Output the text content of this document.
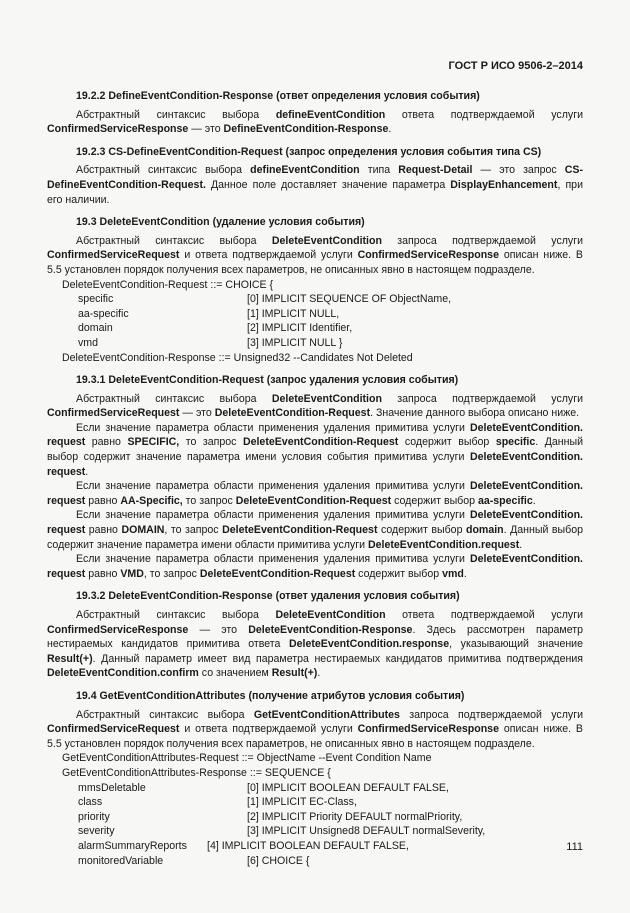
ГОСТ Р ИСО 9506-2–2014

19.2.2 DefineEventCondition-Response (ответ определения условия события)

Абстрактный синтаксис выбора defineEventCondition ответа подтверждаемой услуги ConfirmedServiceResponse — это DefineEventCondition-Response.

19.2.3 CS-DefineEventCondition-Request (запрос определения условия события типа CS)

Абстрактный синтаксис выбора defineEventCondition типа Request-Detail — это запрос CS-DefineEventCondition-Request. Данное поле доставляет значение параметра DisplayEnhancement, при его наличии.

19.3 DeleteEventCondition (удаление условия события)

Абстрактный синтаксис выбора DeleteEventCondition запроса подтверждаемой услуги ConfirmedServiceRequest и ответа подтверждаемой услуги ConfirmedServiceResponse описан ниже. В 5.5 установлен порядок получения всех параметров, не описанных явно в настоящем подразделе.

DeleteEventCondition-Request ::= CHOICE {

specific	[0] IMPLICIT SEQUENCE OF ObjectName,
aa-specific	[1] IMPLICIT NULL,
domain	[2] IMPLICIT Identifier,
vmd	[3] IMPLICIT NULL }

DeleteEventCondition-Response ::= Unsigned32 --Candidates Not Deleted

19.3.1 DeleteEventCondition-Request (запрос удаления условия события)

Абстрактный синтаксис выбора DeleteEventCondition запроса подтверждаемой услуги ConfirmedServiceRequest — это DeleteEventCondition-Request. Значение данного выбора описано ниже.

Если значение параметра области применения удаления примитива услуги DeleteEventCondition. request равно SPECIFIC, то запрос DeleteEventCondition-Request содержит выбор specific. Данный выбор содержит значение параметра имени условия события примитива услуги DeleteEventCondition. request.

Если значение параметра области применения удаления примитива услуги DeleteEventCondition. request равно AA-Specific, то запрос DeleteEventCondition-Request содержит выбор aa-specific.

Если значение параметра области применения удаления примитива услуги DeleteEventCondition. request равно DOMAIN, то запрос DeleteEventCondition-Request содержит выбор domain. Данный выбор содержит значение параметра имени области примитива услуги DeleteEventCondition.request.

Если значение параметра области применения удаления примитива услуги DeleteEventCondition. request равно VMD, то запрос DeleteEventCondition-Request содержит выбор vmd.

19.3.2 DeleteEventCondition-Response (ответ удаления условия события)

Абстрактный синтаксис выбора DeleteEventCondition ответа подтверждаемой услуги ConfirmedServiceResponse — это DeleteEventCondition-Response. Здесь рассмотрен параметр нестираемых кандидатов примитива ответа DeleteEventCondition.response, указывающий значение Result(+). Данный параметр имеет вид параметра нестираемых кандидатов примитива подтверждения DeleteEventCondition.confirm со значением Result(+).

19.4 GetEventConditionAttributes (получение атрибутов условия события)

Абстрактный синтаксис выбора GetEventConditionAttributes запроса подтверждаемой услуги ConfirmedServiceRequest и ответа подтверждаемой услуги ConfirmedServiceResponse описан ниже. В 5.5 установлен порядок получения всех параметров, не описанных явно в настоящем подразделе.

GetEventConditionAttributes-Request ::= ObjectName --Event Condition Name

GetEventConditionAttributes-Response ::= SEQUENCE {

mmsDeletable	[0] IMPLICIT BOOLEAN DEFAULT FALSE,
class	[1] IMPLICIT EC-Class,
priority	[2] IMPLICIT Priority DEFAULT normalPriority,
severity	[3] IMPLICIT Unsigned8 DEFAULT normalSeverity,
alarmSummaryReports [4] IMPLICIT BOOLEAN DEFAULT FALSE,
monitoredVariable	[6] CHOICE {
111
